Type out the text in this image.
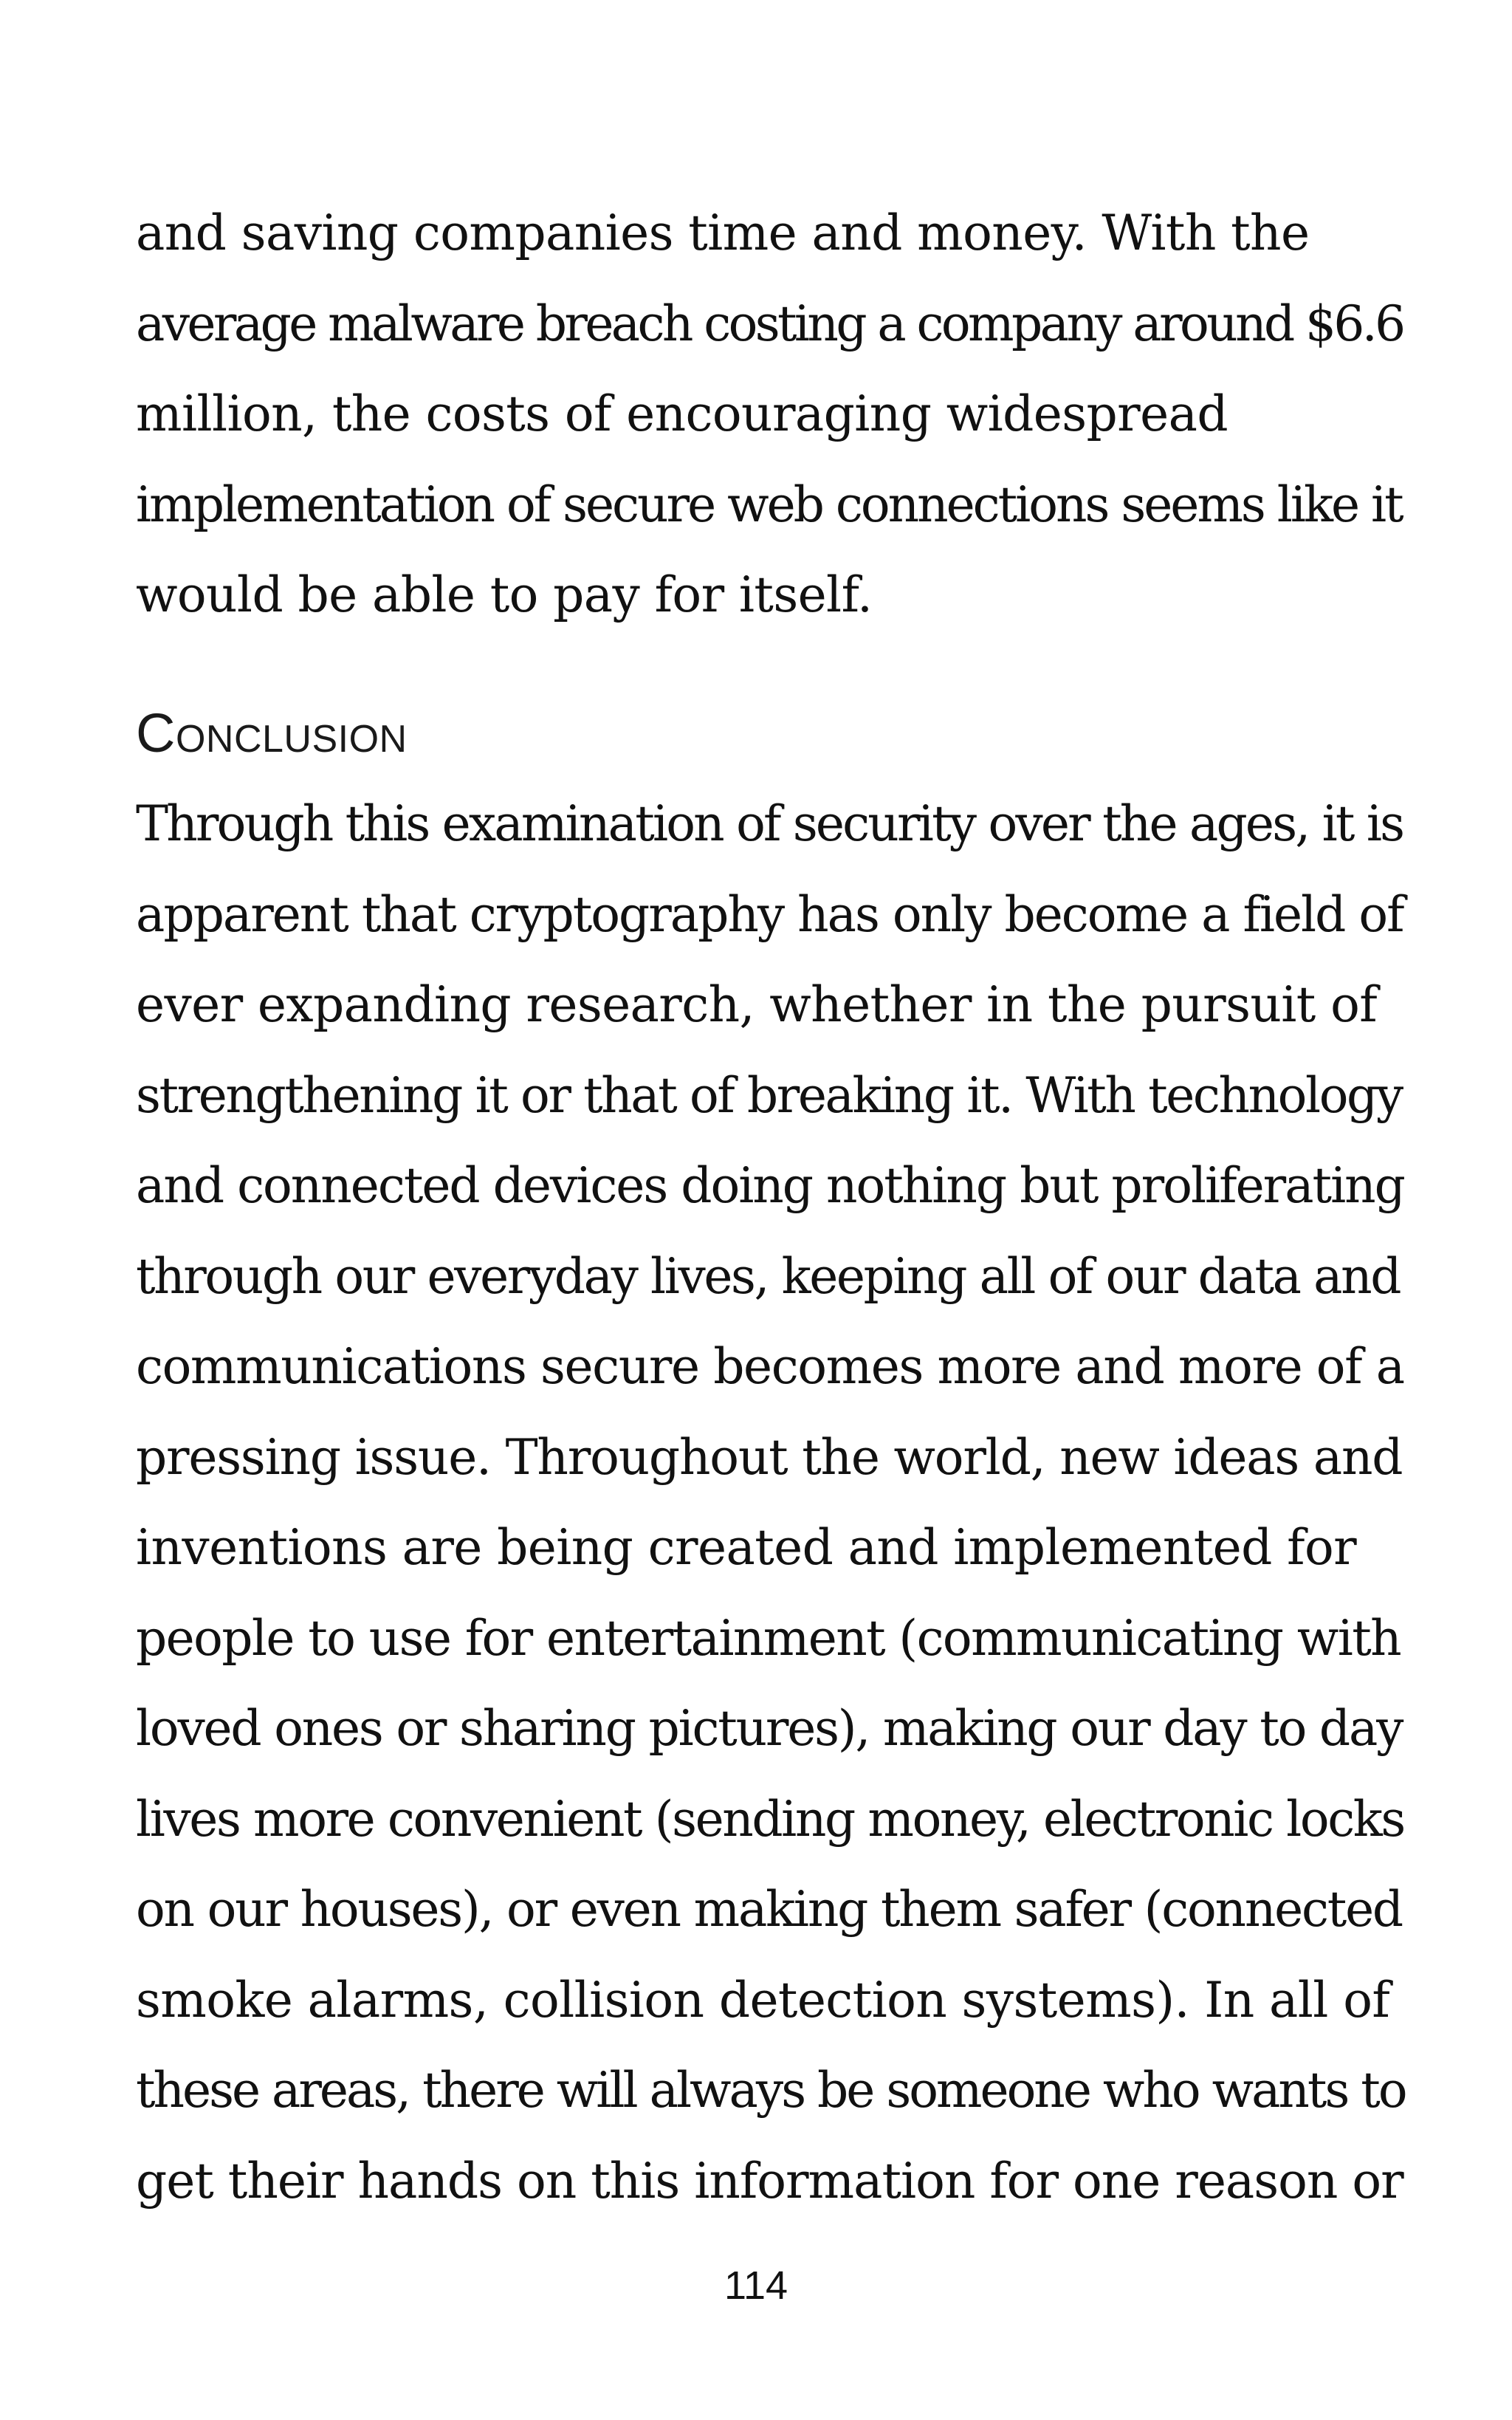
and saving companies time and money. With the
average malware breach costing a company around $6.6
million, the costs of encouraging widespread
implementation of secure web connections seems like it
would be able to pay for itself.
Conclusion
Through this examination of security over the ages, it is
apparent that cryptography has only become a field of
ever expanding research, whether in the pursuit of
strengthening it or that of breaking it. With technology
and connected devices doing nothing but proliferating
through our everyday lives, keeping all of our data and
communications secure becomes more and more of a
pressing issue. Throughout the world, new ideas and
inventions are being created and implemented for
people to use for entertainment (communicating with
loved ones or sharing pictures), making our day to day
lives more convenient (sending money, electronic locks
on our houses), or even making them safer (connected
smoke alarms, collision detection systems). In all of
these areas, there will always be someone who wants to
get their hands on this information for one reason or
114
